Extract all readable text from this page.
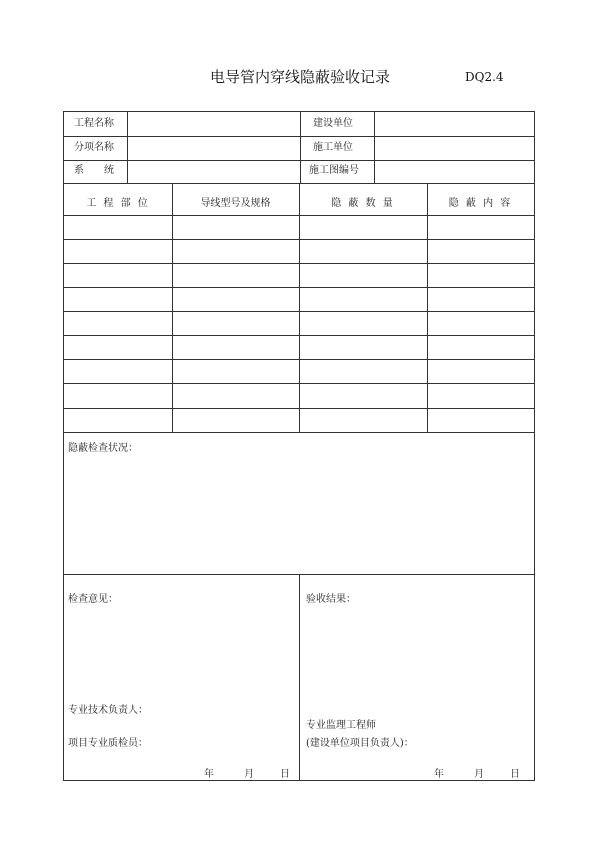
电导管内穿线隐蔽验收记录	DQ2.4
工程名称	建设单位
分项名称	施工单位
系　　统	施工图编号
工 程 部 位	导线型号及规格	隐 蔽 数 量	隐 蔽 内 容
隐蔽检查状况：
检查意见：
专业技术负责人：
项目专业质检员：
年	月	日
验收结果：
专业监理工程师
(建设单位项目负责人)：
年	月	日
